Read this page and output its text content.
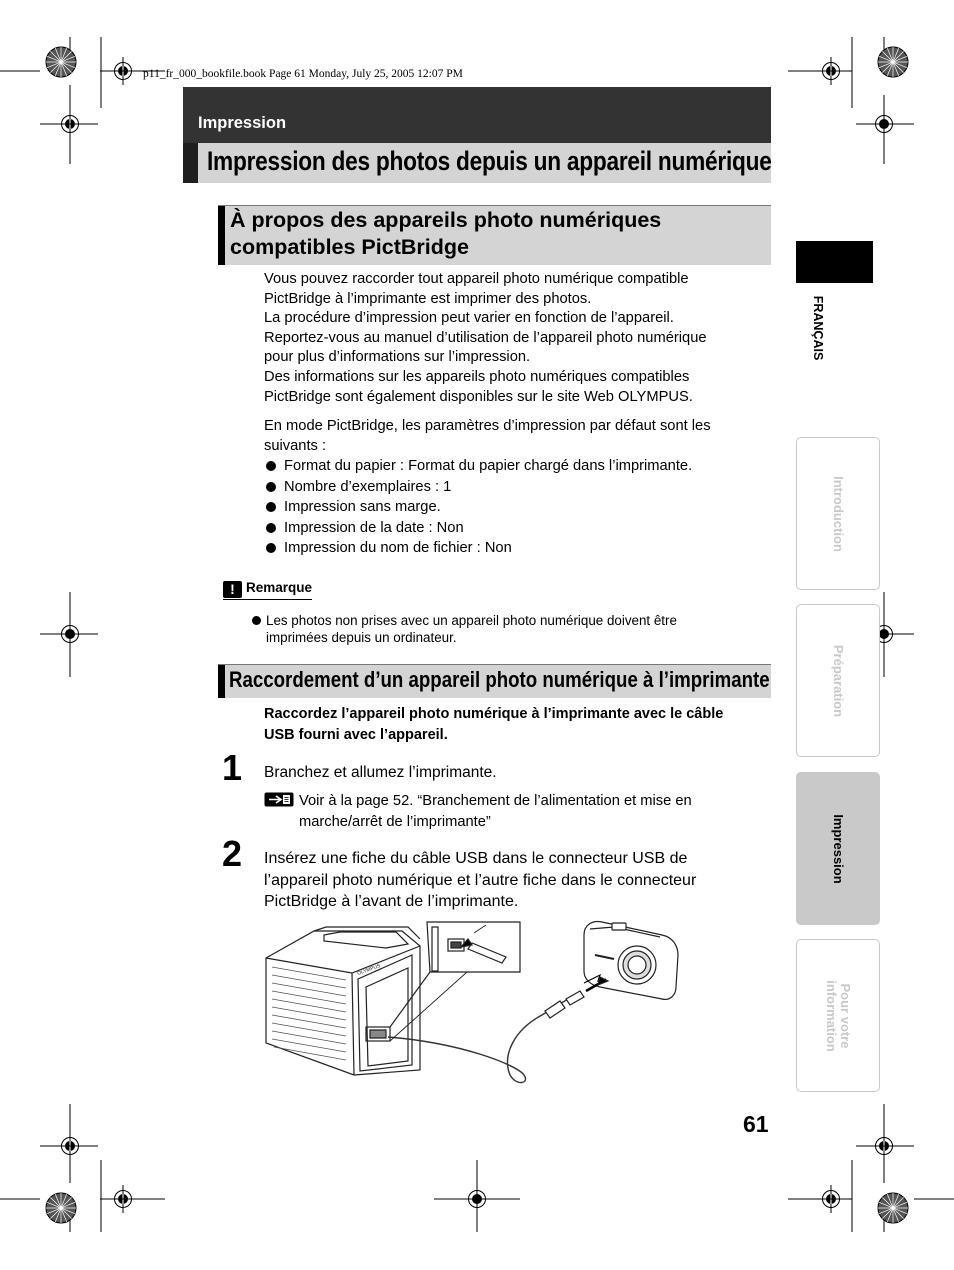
p11_fr_000_bookfile.book Page 61 Monday, July 25, 2005 12:07 PM
Impression
Impression des photos depuis un appareil numérique
À propos des appareils photo numériques
compatibles PictBridge
Vous pouvez raccorder tout appareil photo numérique compatible
PictBridge à l’imprimante est imprimer des photos.
La procédure d’impression peut varier en fonction de l’appareil.
Reportez-vous au manuel d’utilisation de l’appareil photo numérique
pour plus d’informations sur l’impression.
Des informations sur les appareils photo numériques compatibles
PictBridge sont également disponibles sur le site Web OLYMPUS.
En mode PictBridge, les paramètres d’impression par défaut sont les
suivants :
Format du papier : Format du papier chargé dans l’imprimante.
Nombre d’exemplaires : 1
Impression sans marge.
Impression de la date : Non
Impression du nom de fichier : Non
! Remarque
Les photos non prises avec un appareil photo numérique doivent être
imprimées depuis un ordinateur.
Raccordement d’un appareil photo numérique à l’imprimante
Raccordez l’appareil photo numérique à l’imprimante avec le câble
USB fourni avec l’appareil.
1 Branchez et allumez l’imprimante.
Voir à la page 52. “Branchement de l’alimentation et mise en
marche/arrêt de l’imprimante”
2 Insérez une fiche du câble USB dans le connecteur USB de
l’appareil photo numérique et l’autre fiche dans le connecteur
PictBridge à l’avant de l’imprimante.
OLYMPUS
61
FRANÇAIS
Introduction
Préparation
Impression
Pour votre
information
